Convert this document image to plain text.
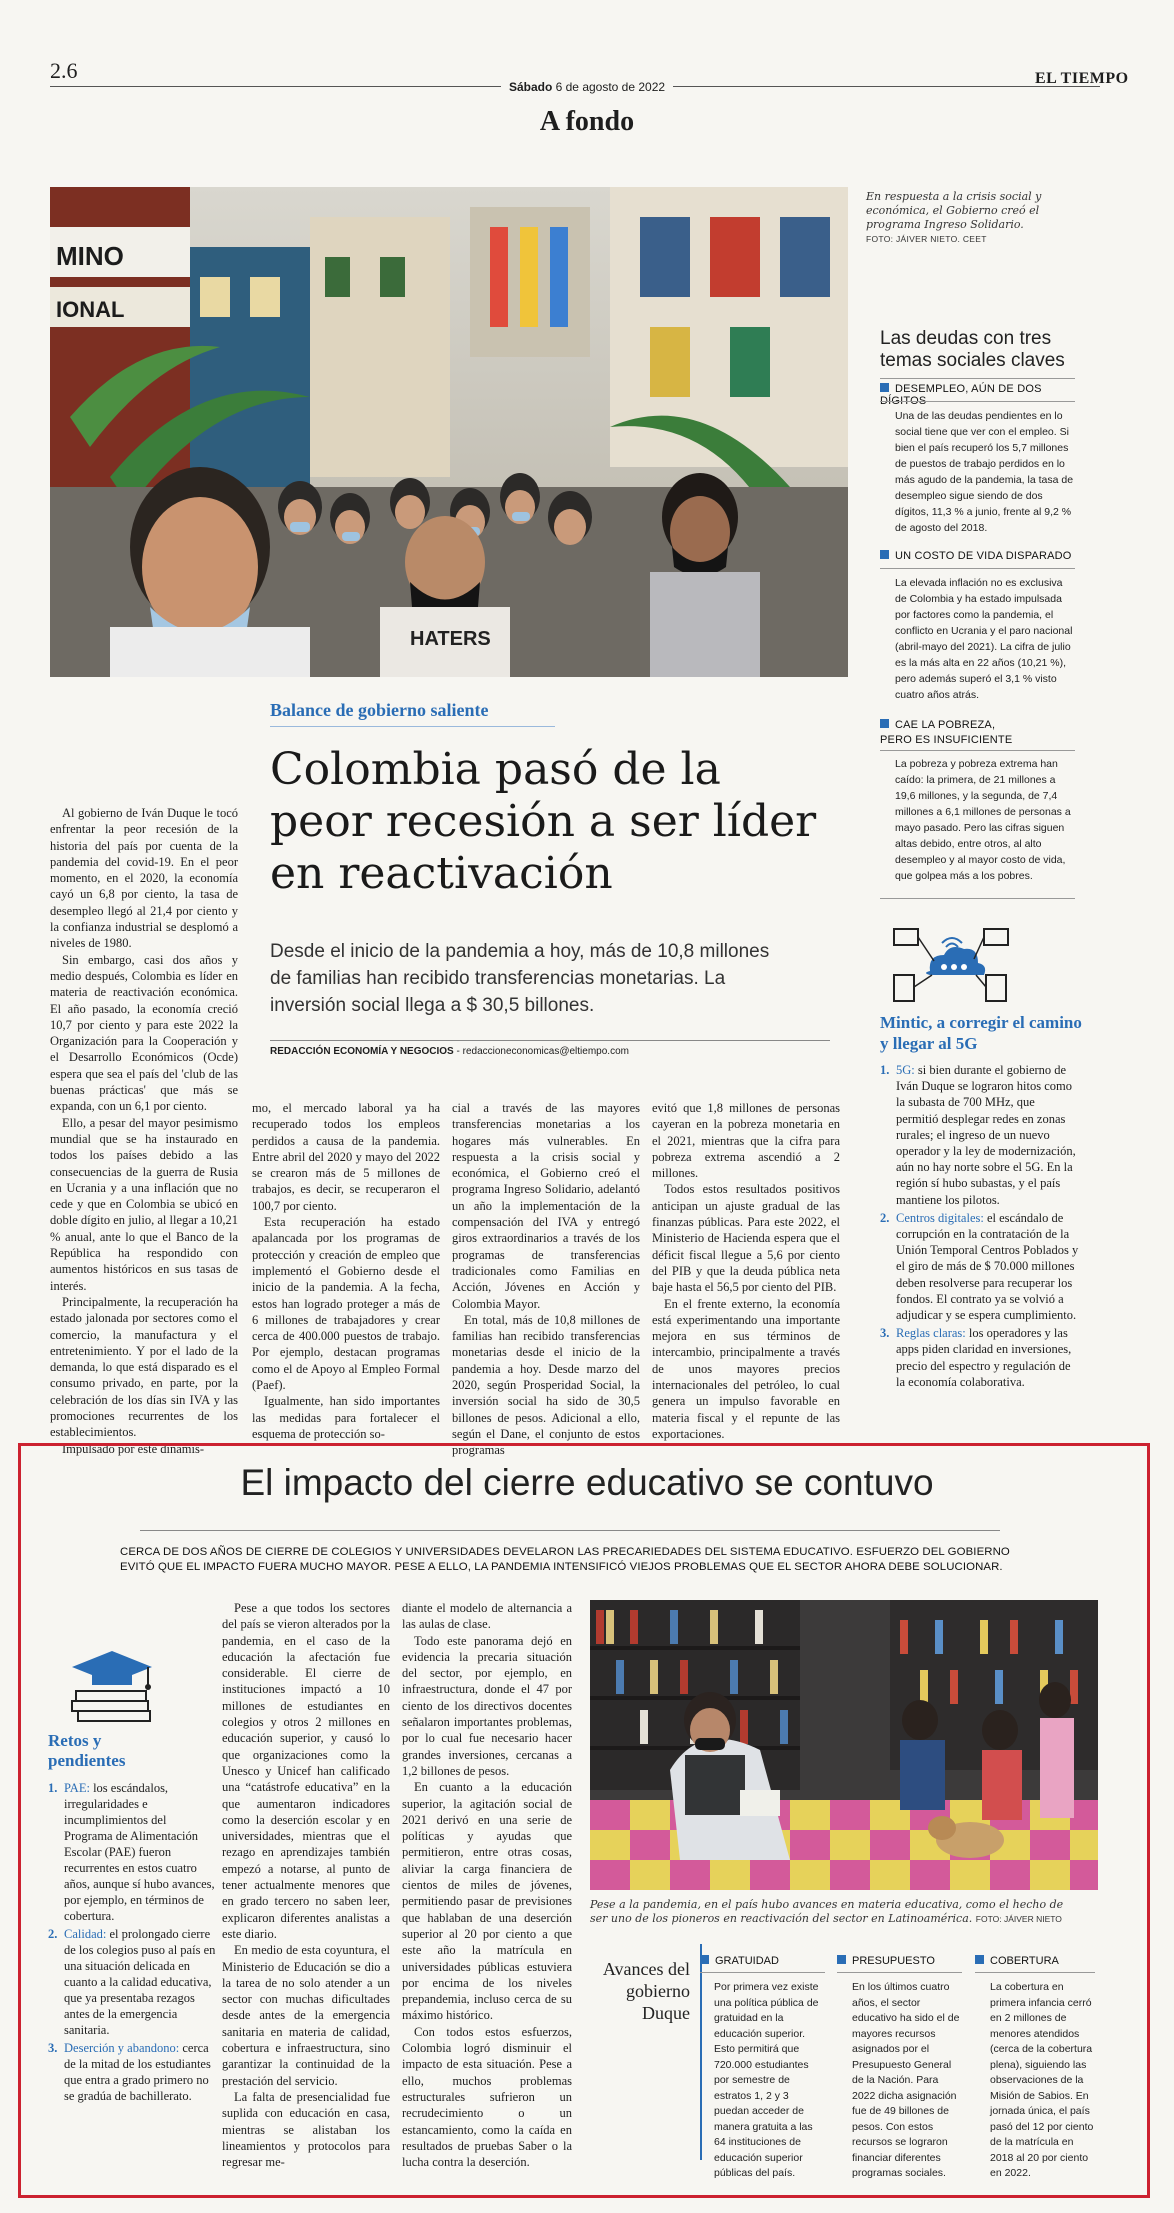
2.6
Sábado 6 de agosto de 2022	EL TIEMPO
A fondo
MINO
IONAL
HATERS
En respuesta a la crisis social y económica, el Gobierno creó el programa Ingreso Solidario.
FOTO: JÁIVER NIETO. CEET
Las deudas con tres temas sociales claves
DESEMPLEO, AÚN DE DOS DÍGITOS
Una de las deudas pendientes en lo social tiene que ver con el empleo. Si bien el país recuperó los 5,7 millones de puestos de trabajo perdidos en lo más agudo de la pandemia, la tasa de desempleo sigue siendo de dos dígitos, 11,3 % a junio, frente al 9,2 % de agosto del 2018.
UN COSTO DE VIDA DISPARADO
La elevada inflación no es exclusiva de Colombia y ha estado impulsada por factores como la pandemia, el conflicto en Ucrania y el paro nacional (abril-mayo del 2021). La cifra de julio es la más alta en 22 años (10,21 %), pero además superó el 3,1 % visto cuatro años atrás.
CAE LA POBREZA, PERO ES INSUFICIENTE
La pobreza y pobreza extrema han caído: la primera, de 21 millones a 19,6 millones, y la segunda, de 7,4 millones a 6,1 millones de personas a mayo pasado. Pero las cifras siguen altas debido, entre otros, al alto desempleo y al mayor costo de vida, que golpea más a los pobres.
Balance de gobierno saliente
Colombia pasó de la peor recesión a ser líder en reactivación
Desde el inicio de la pandemia a hoy, más de 10,8 millones de familias han recibido transferencias monetarias. La inversión social llega a $ 30,5 billones.
REDACCIÓN ECONOMÍA Y NEGOCIOS - redaccioneconomicas@eltiempo.com

Al gobierno de Iván Duque le tocó enfrentar la peor recesión de la historia del país por cuenta de la pandemia del covid-19. En el peor momento, en el 2020, la economía cayó un 6,8 por ciento, la tasa de desempleo llegó al 21,4 por ciento y la confianza industrial se desplomó a niveles de 1980.

Sin embargo, casi dos años y medio después, Colombia es líder en materia de reactivación económica. El año pasado, la economía creció 10,7 por ciento y para este 2022 la Organización para la Cooperación y el Desarrollo Económicos (Ocde) espera que sea el país del 'club de las buenas prácticas' que más se expanda, con un 6,1 por ciento.

Ello, a pesar del mayor pesimismo mundial que se ha instaurado en todos los países debido a las consecuencias de la guerra de Rusia en Ucrania y a una inflación que no cede y que en Colombia se ubicó en doble dígito en julio, al llegar a 10,21 % anual, ante lo que el Banco de la República ha respondido con aumentos históricos en sus tasas de interés.

Principalmente, la recuperación ha estado jalonada por sectores como el comercio, la manufactura y el entretenimiento. Y por el lado de la demanda, lo que está disparado es el consumo privado, en parte, por la celebración de los días sin IVA y las promociones recurrentes de los establecimientos.

Impulsado por este dinamis-

mo, el mercado laboral ya ha recuperado todos los empleos perdidos a causa de la pandemia. Entre abril del 2020 y mayo del 2022 se crearon más de 5 millones de trabajos, es decir, se recuperaron el 100,7 por ciento.

Esta recuperación ha estado apalancada por los programas de protección y creación de empleo que implementó el Gobierno desde el inicio de la pandemia. A la fecha, estos han logrado proteger a más de 6 millones de trabajadores y crear cerca de 400.000 puestos de trabajo. Por ejemplo, destacan programas como el de Apoyo al Empleo Formal (Paef).

Igualmente, han sido importantes las medidas para fortalecer el esquema de protección so-

cial a través de las mayores transferencias monetarias a los hogares más vulnerables. En respuesta a la crisis social y económica, el Gobierno creó el programa Ingreso Solidario, adelantó un año la implementación de la compensación del IVA y entregó giros extraordinarios a través de los programas de transferencias tradicionales como Familias en Acción, Jóvenes en Acción y Colombia Mayor.

En total, más de 10,8 millones de familias han recibido transferencias monetarias desde el inicio de la pandemia a hoy. Desde marzo del 2020, según Prosperidad Social, la inversión social ha sido de 30,5 billones de pesos. Adicional a ello, según el Dane, el conjunto de estos programas

evitó que 1,8 millones de personas cayeran en la pobreza monetaria en el 2021, mientras que la cifra para pobreza extrema ascendió a 2 millones.

Todos estos resultados positivos anticipan un ajuste gradual de las finanzas públicas. Para este 2022, el Ministerio de Hacienda espera que el déficit fiscal llegue a 5,6 por ciento del PIB y que la deuda pública neta baje hasta el 56,5 por ciento del PIB.

En el frente externo, la economía está experimentando una importante mejora en sus términos de intercambio, principalmente a través de unos mayores precios internacionales del petróleo, lo cual genera un impulso favorable en materia fiscal y el repunte de las exportaciones.

Mintic, a corregir el camino y llegar al 5G
1. 5G: si bien durante el gobierno de Iván Duque se lograron hitos como la subasta de 700 MHz, que permitió desplegar redes en zonas rurales; el ingreso de un nuevo operador y la ley de modernización, aún no hay norte sobre el 5G. En la región sí hubo subastas, y el país mantiene los pilotos.
2. Centros digitales: el escándalo de corrupción en la contratación de la Unión Temporal Centros Poblados y el giro de más de $ 70.000 millones deben resolverse para recuperar los fondos. El contrato ya se volvió a adjudicar y se espera cumplimiento.
3. Reglas claras: los operadores y las apps piden claridad en inversiones, precio del espectro y regulación de la economía colaborativa.
El impacto del cierre educativo se contuvo
CERCA DE DOS AÑOS DE CIERRE DE COLEGIOS Y UNIVERSIDADES DEVELARON LAS PRECARIEDADES DEL SISTEMA EDUCATIVO. ESFUERZO DEL GOBIERNO EVITÓ QUE EL IMPACTO FUERA MUCHO MAYOR. PESE A ELLO, LA PANDEMIA INTENSIFICÓ VIEJOS PROBLEMAS QUE EL SECTOR AHORA DEBE SOLUCIONAR.
Retos y pendientes
1. PAE: los escándalos, irregularidades e incumplimientos del Programa de Alimentación Escolar (PAE) fueron recurrentes en estos cuatro años, aunque sí hubo avances, por ejemplo, en términos de cobertura.
2. Calidad: el prolongado cierre de los colegios puso al país en una situación delicada en cuanto a la calidad educativa, que ya presentaba rezagos antes de la emergencia sanitaria.
3. Deserción y abandono: cerca de la mitad de los estudiantes que entra a grado primero no se gradúa de bachillerato.

Pese a que todos los sectores del país se vieron alterados por la pandemia, en el caso de la educación la afectación fue considerable. El cierre de instituciones impactó a 10 millones de estudiantes en colegios y otros 2 millones en educación superior, y causó lo que organizaciones como la Unesco y Unicef han calificado una “catástrofe educativa” en la que aumentaron indicadores como la deserción escolar y en universidades, mientras que el rezago en aprendizajes también empezó a notarse, al punto de tener actualmente menores que en grado tercero no saben leer, explicaron diferentes analistas a este diario.

En medio de esta coyuntura, el Ministerio de Educación se dio a la tarea de no solo atender a un sector con muchas dificultades desde antes de la emergencia sanitaria en materia de calidad, cobertura e infraestructura, sino garantizar la continuidad de la prestación del servicio.

La falta de presencialidad fue suplida con educación en casa, mientras se alistaban los lineamientos y protocolos para regresar me-

diante el modelo de alternancia a las aulas de clase.

Todo este panorama dejó en evidencia la precaria situación del sector, por ejemplo, en infraestructura, donde el 47 por ciento de los directivos docentes señalaron importantes problemas, por lo cual fue necesario hacer grandes inversiones, cercanas a 1,2 billones de pesos.

En cuanto a la educación superior, la agitación social de 2021 derivó en una serie de políticas y ayudas que permitieron, entre otras cosas, aliviar la carga financiera de cientos de miles de jóvenes, permitiendo pasar de previsiones que hablaban de una deserción superior al 20 por ciento a que este año la matrícula en universidades públicas estuviera por encima de los niveles prepandemia, incluso cerca de su máximo histórico.

Con todos estos esfuerzos, Colombia logró disminuir el impacto de esta situación. Pese a ello, muchos problemas estructurales sufrieron un recrudecimiento o un estancamiento, como la caída en resultados de pruebas Saber o la lucha contra la deserción.

Pese a la pandemia, en el país hubo avances en materia educativa, como el hecho de ser uno de los pioneros en reactivación del sector en Latinoamérica. FOTO: JÁIVER NIETO
Avances del gobierno Duque
GRATUIDAD
Por primera vez existe una política pública de gratuidad en la educación superior. Esto permitirá que 720.000 estudiantes por semestre de estratos 1, 2 y 3 puedan acceder de manera gratuita a las 64 instituciones de educación superior públicas del país.
PRESUPUESTO
En los últimos cuatro años, el sector educativo ha sido el de mayores recursos asignados por el Presupuesto General de la Nación. Para 2022 dicha asignación fue de 49 billones de pesos. Con estos recursos se lograron financiar diferentes programas sociales.
COBERTURA
La cobertura en primera infancia cerró en 2 millones de menores atendidos (cerca de la cobertura plena), siguiendo las observaciones de la Misión de Sabios. En jornada única, el país pasó del 12 por ciento de la matrícula en 2018 al 20 por ciento en 2022.
